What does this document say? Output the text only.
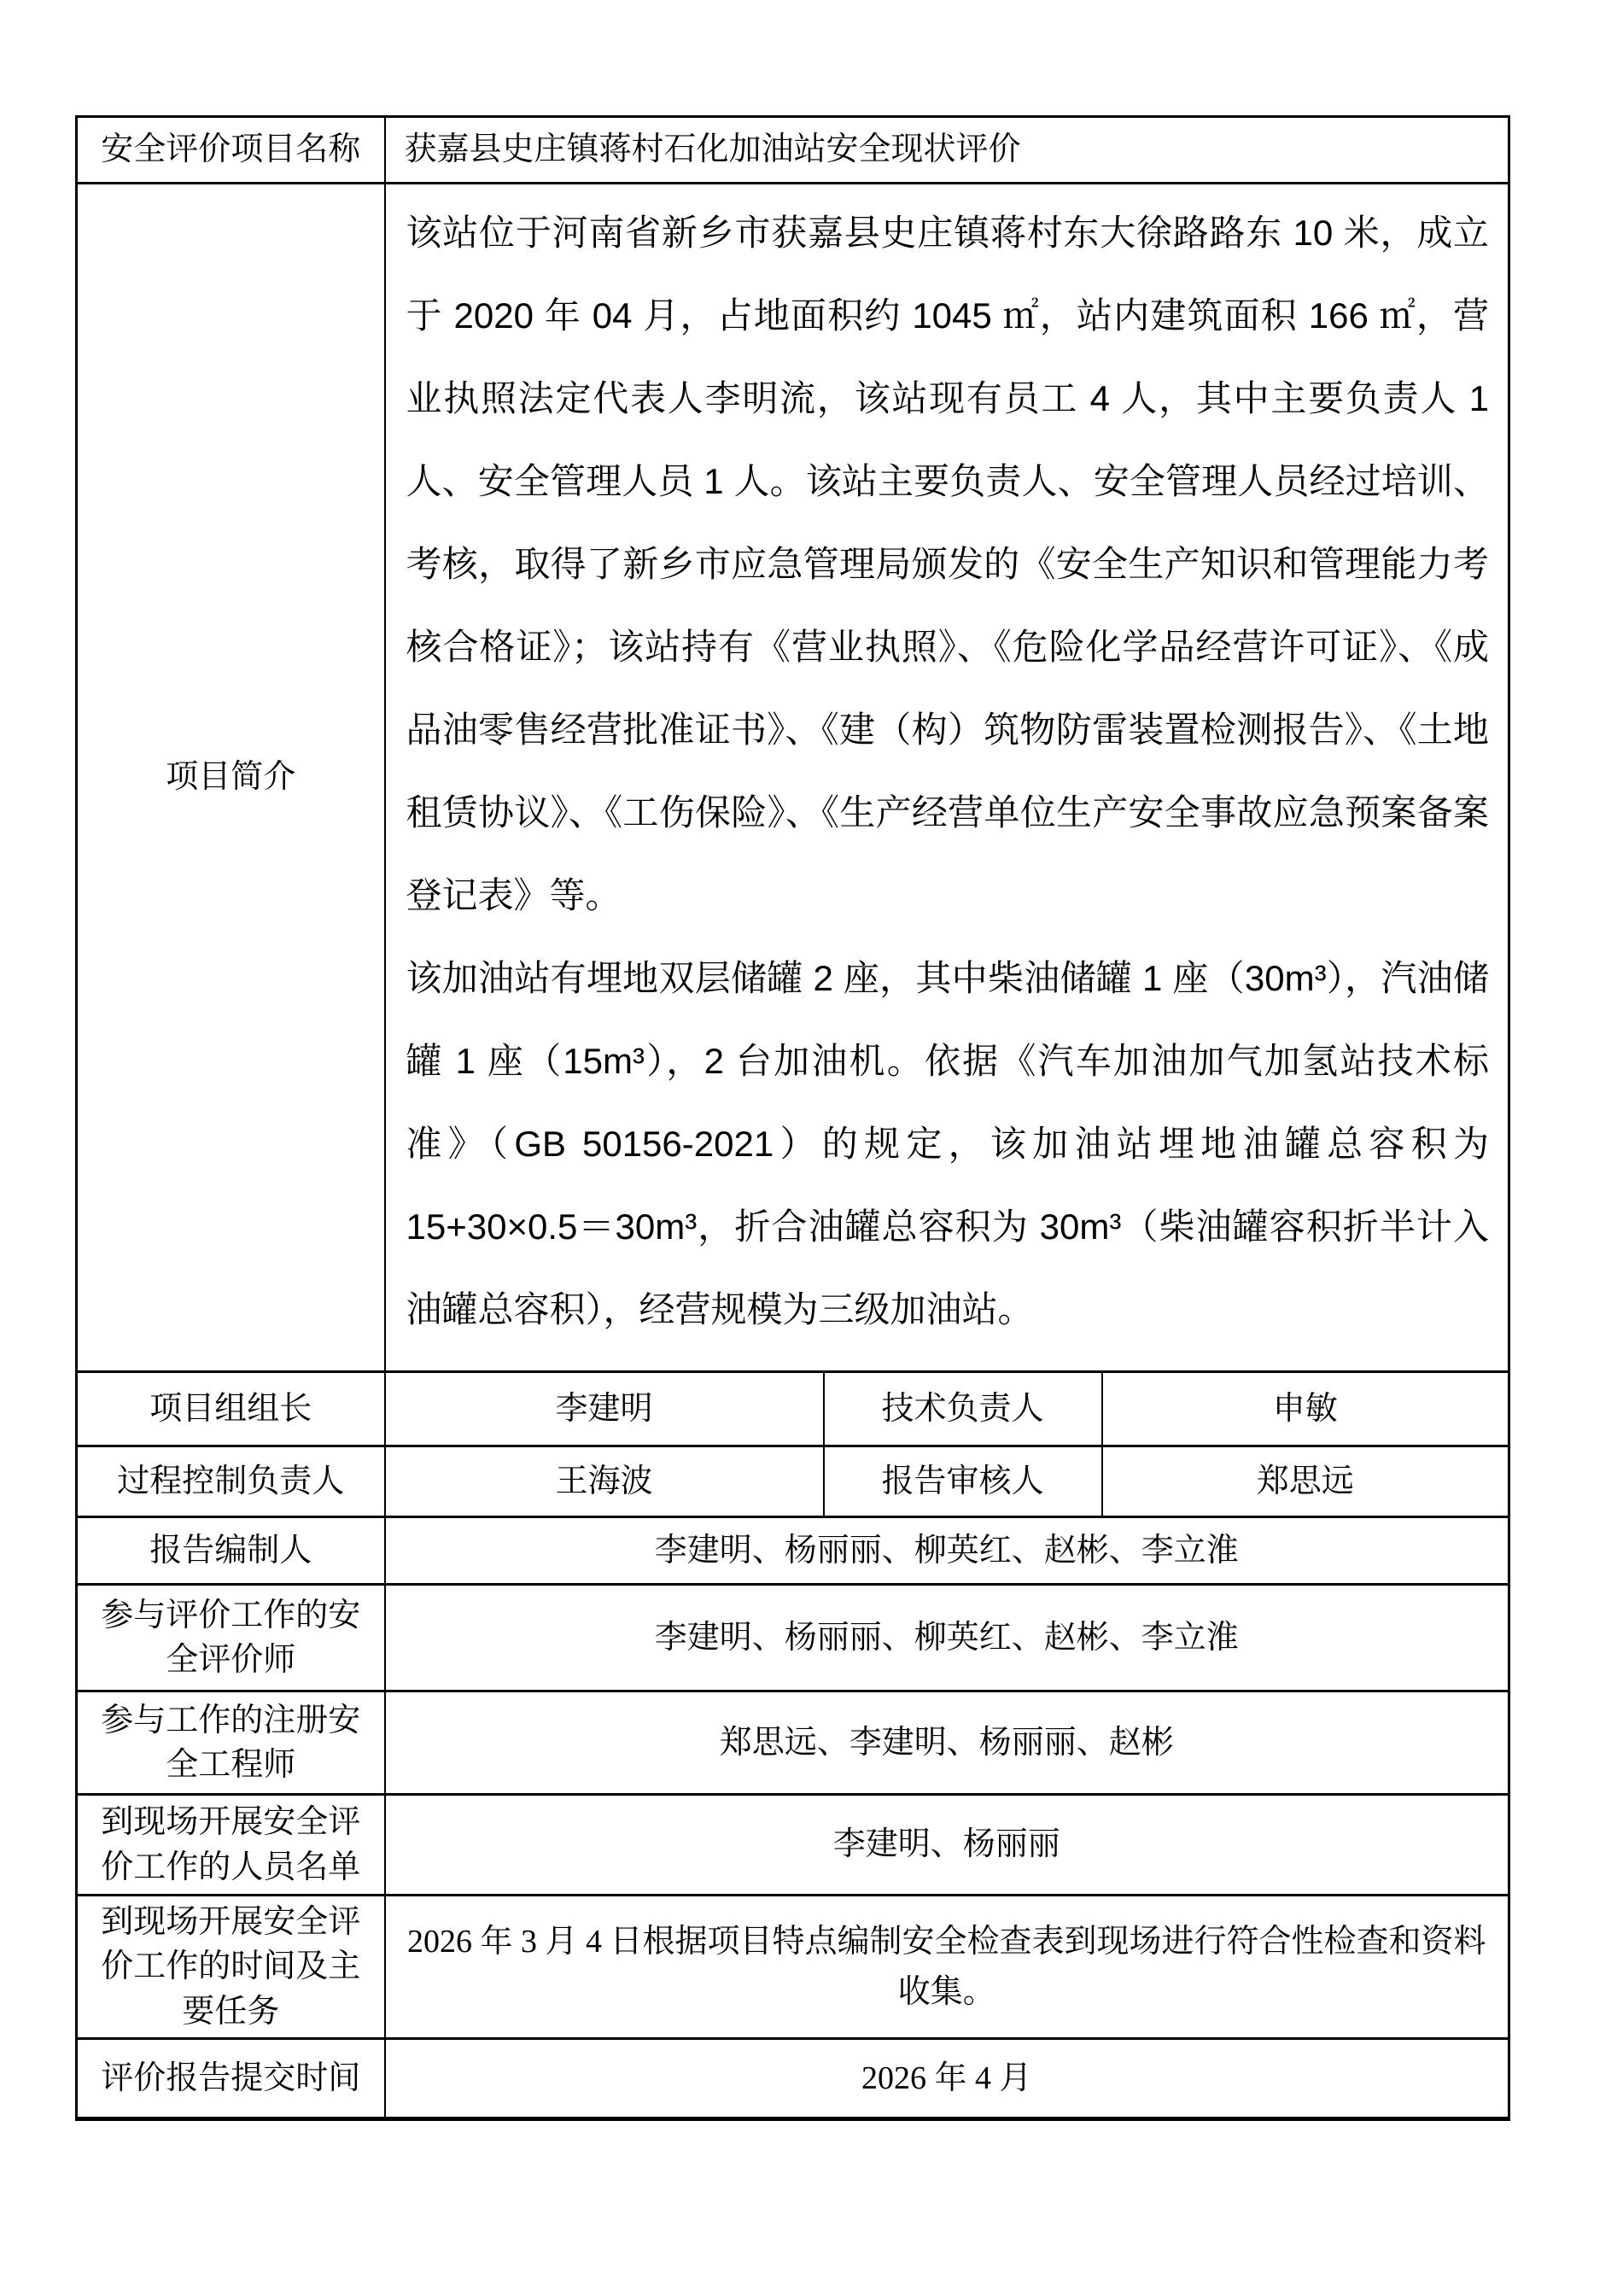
安全评价项目名称	获嘉县史庄镇蒋村石化加油站安全现状评价		
项目简介	该站位于河南省新乡市获嘉县史庄镇蒋村东大徐路路东 10 米，成立于 2020 年 04 月，占地面积约 1045 ㎡，站内建筑面积 166 ㎡，营业执照法定代表人李明流，该站现有员工 4 人，其中主要负责人 1 人、安全管理人员 1 人。该站主要负责人、安全管理人员经过培训、考核，取得了新乡市应急管理局颁发的《安全生产知识和管理能力考核合格证》；该站持有《营业执照》、《危险化学品经营许可证》、《成品油零售经营批准证书》、《建（构）筑物防雷装置检测报告》、《土地租赁协议》、《工伤保险》、《生产经营单位生产安全事故应急预案备案登记表》等。

该加油站有埋地双层储罐 2 座，其中柴油储罐 1 座（30m³），汽油储罐 1 座（15m³），2 台加油机。依据《汽车加油加气加氢站技术标准》（GB 50156-2021）的规定，该加油站埋地油罐总容积为 15+30×0.5＝30m³，折合油罐总容积为 30m³（柴油罐容积折半计入油罐总容积），经营规模为三级加油站。		

项目组组长	李建明	技术负责人	申敏
过程控制负责人	王海波	报告审核人	郑思远
报告编制人	李建明、杨丽丽、柳英红、赵彬、李立淮		
参与评价工作的安全评价师	李建明、杨丽丽、柳英红、赵彬、李立淮		
参与工作的注册安全工程师	郑思远、李建明、杨丽丽、赵彬		
到现场开展安全评价工作的人员名单	李建明、杨丽丽		
到现场开展安全评价工作的时间及主要任务	2026 年 3 月 4 日根据项目特点编制安全检查表到现场进行符合性检查和资料收集。		
评价报告提交时间	2026 年 4 月		
